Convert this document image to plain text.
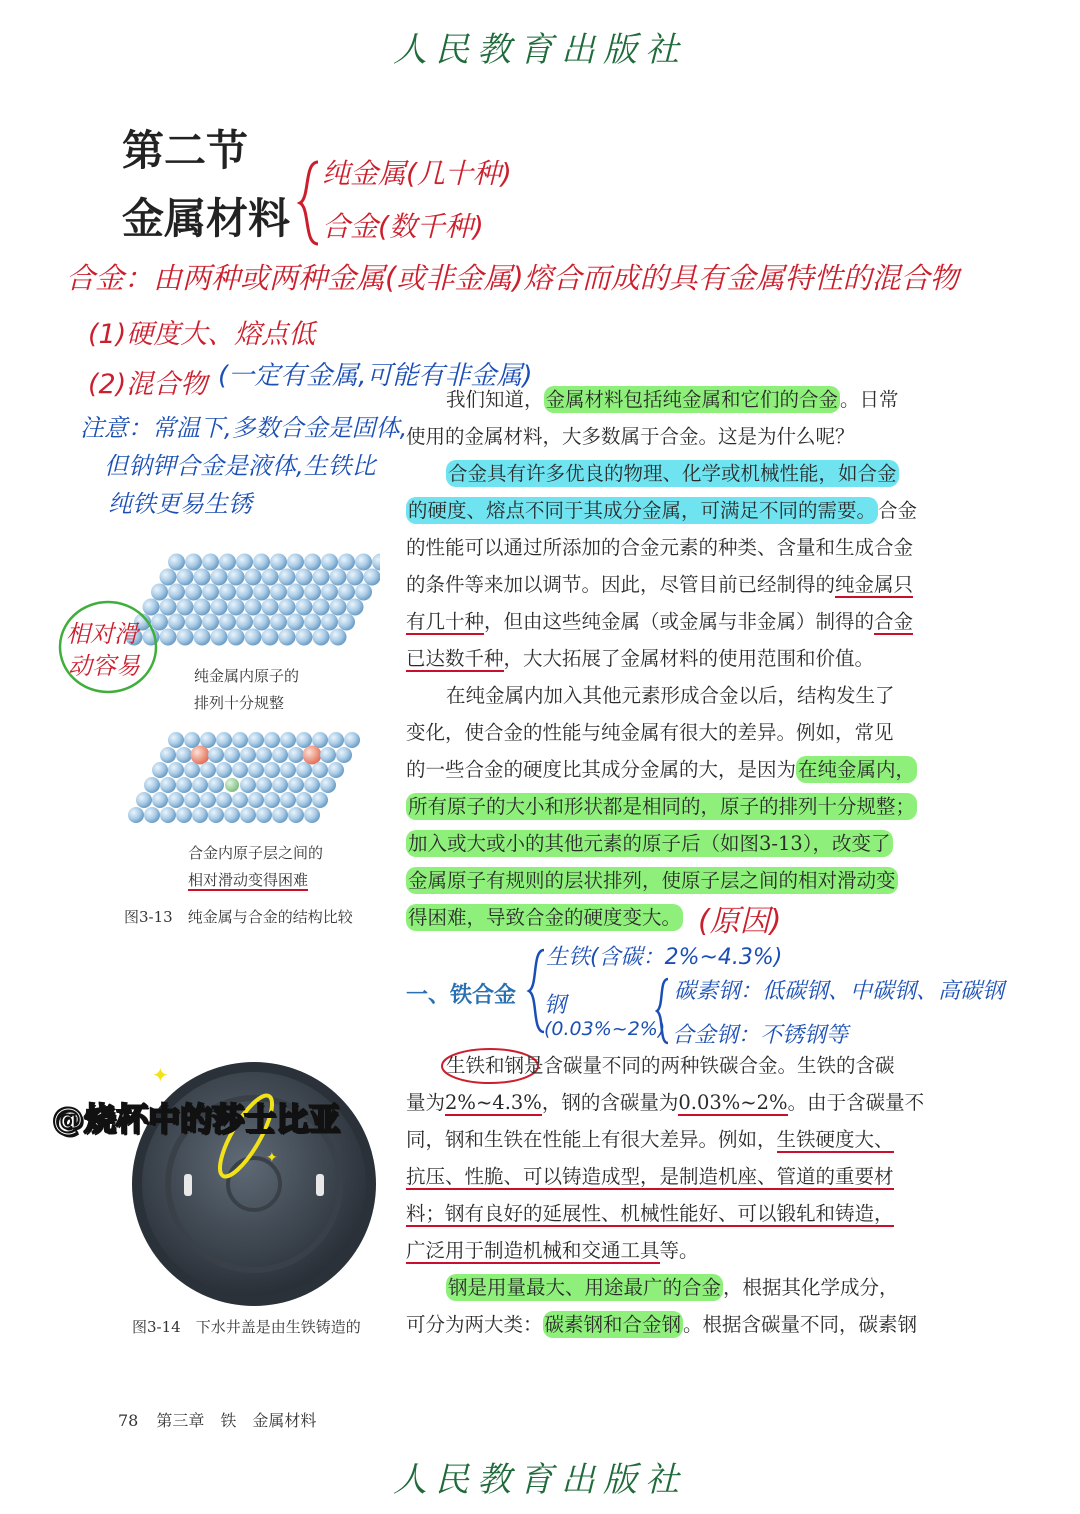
人民教育出版社
第二节
金属材料
纯金属(几十种)
合金(数千种)
合金：由两种或两种金属(或非金属)熔合而成的具有金属特性的混合物
(1)硬度大、熔点低
(2)混合物 (一定有金属,可能有非金属)
注意：常温下,多数合金是固体,
但钠钾合金是液体,生铁比
纯铁更易生锈
相对滑
动容易	纯金属内原子的
排列十分规整
合金内原子层之间的
相对滑动变得困难
图3-13　纯金属与合金的结构比较
我们知道， 金属材料包括纯金属和它们的合金 。日常
使用的金属材料，大多数属于合金。这是为什么呢？
合金具有许多优良的物理、化学或机械性能，如合金
的硬度、熔点不同于其成分金属，可满足不同的需要。 合金
的性能可以通过所添加的合金元素的种类、含量和生成合金
的条件等来加以调节。因此，尽管目前已经制得的纯金属只
有几十种，但由这些纯金属（或金属与非金属）制得的合金
已达数千种，大大拓展了金属材料的使用范围和价值。
在纯金属内加入其他元素形成合金以后，结构发生了
变化，使合金的性能与纯金属有很大的差异。例如，常见
的一些合金的硬度比其成分金属的大，是因为 在纯金属内，
所有原子的大小和形状都是相同的，原子的排列十分规整；
加入或大或小的其他元素的原子后（如图3-13），改变了
金属原子有规则的层状排列，使原子层之间的相对滑动变
得困难，导致合金的硬度变大。 (原因)
一、铁合金
生铁(含碳：2%~4.3%)
钢
(0.03%~2%)
碳素钢：低碳钢、中碳钢、高碳钢
合金钢：不锈钢等
生铁和钢是含碳量不同的两种铁碳合金。生铁的含碳
量为2%~4.3%，钢的含碳量为0.03%~2%。由于含碳量不
同，钢和生铁在性能上有很大差异。例如，生铁硬度大、
抗压、性脆、可以铸造成型，是制造机座、管道的重要材
料；钢有良好的延展性、机械性能好、可以锻轧和铸造，
广泛用于制造机械和交通工具等。
钢是用量最大、用途最广的合金 ，根据其化学成分，
可分为两大类： 碳素钢和合金钢 。根据含碳量不同，碳素钢
✦
✦
@烧杯中的莎士比亚
图3-14　下水井盖是由生铁铸造的
78 第三章　铁　金属材料
人民教育出版社
